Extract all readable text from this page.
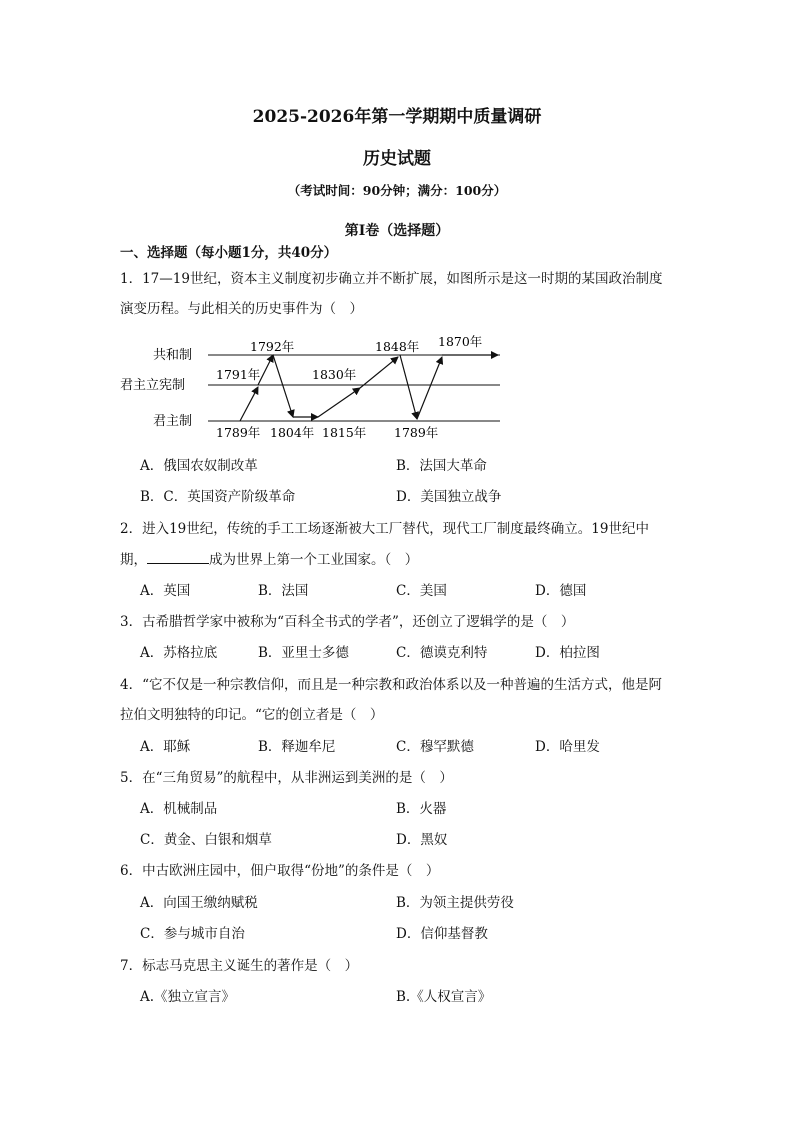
2025-2026年第一学期期中质量调研
历史试题
（考试时间：90分钟；满分：100分）
第Ⅰ卷（选择题）
一、选择题（每小题1分，共40分）
1．17—19世纪，资本主义制度初步确立并不断扩展，如图所示是这一时期的某国政治制度
演变历程。与此相关的历史事件为（　）
共和制
君主立宪制
君主制
1789年
1791年
1792年
1804年 1815年
1830年
1848年
1789年
1870年
A．俄国农奴制改革	B．法国大革命
B．C．英国资产阶级革命	D．美国独立战争
2．进入19世纪，传统的手工工场逐渐被大工厂替代，现代工厂制度最终确立。19世纪中
期，	成为世界上第一个工业国家。（　）
A．英国	B．法国	C．美国	D．德国
3．古希腊哲学家中被称为“百科全书式的学者”，还创立了逻辑学的是（　）
A．苏格拉底	B．亚里士多德	C．德谟克利特	D．柏拉图
4．“它不仅是一种宗教信仰，而且是一种宗教和政治体系以及一种普遍的生活方式，他是阿
拉伯文明独特的印记。“它的创立者是（　）
A．耶稣	B．释迦牟尼	C．穆罕默德	D．哈里发
5．在“三角贸易”的航程中，从非洲运到美洲的是（　）
A．机械制品	B．火器
C．黄金、白银和烟草	D．黑奴
6．中古欧洲庄园中，佃户取得“份地”的条件是（　）
A．向国王缴纳赋税	B．为领主提供劳役
C．参与城市自治	D．信仰基督教
7．标志马克思主义诞生的著作是（　）
A.《独立宣言》	B.《人权宣言》
